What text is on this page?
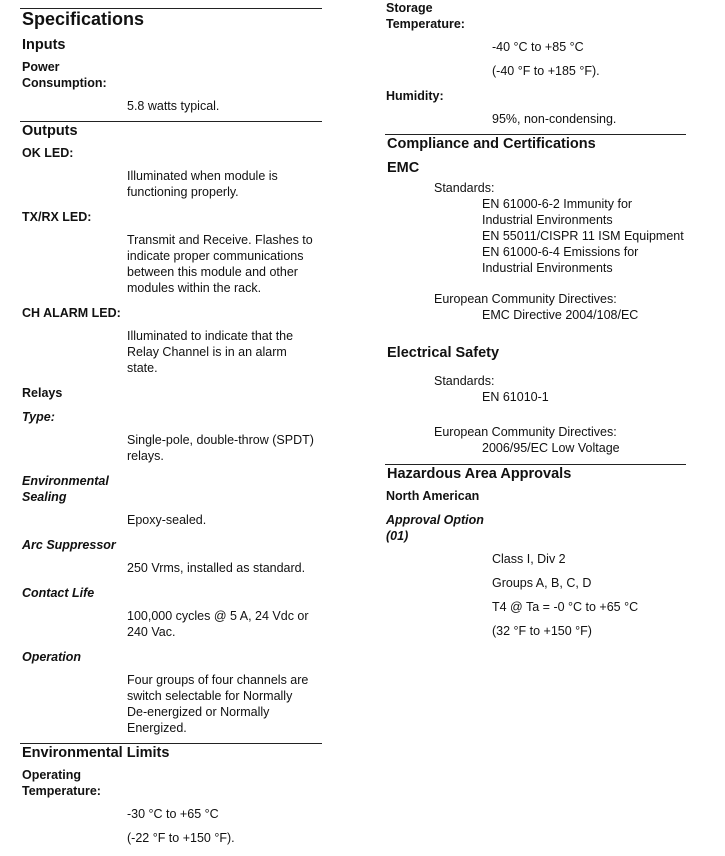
Specifications
Inputs
Power
Consumption:
5.8 watts typical.
Outputs
OK LED:
Illuminated when module is
functioning properly.
TX/RX LED:
Transmit and Receive. Flashes to
indicate proper communications
between this module and other
modules within the rack.
CH ALARM LED:
Illuminated to indicate that the
Relay Channel is in an alarm
state.
Relays
Type:
Single-pole, double-throw (SPDT)
relays.
Environmental
Sealing
Epoxy-sealed.
Arc Suppressor
250 Vrms, installed as standard.
Contact Life
100,000 cycles @ 5 A, 24 Vdc or
240 Vac.
Operation
Four groups of four channels are
switch selectable for Normally
De-energized or Normally
Energized.
Environmental Limits
Operating
Temperature:
-30 °C to +65 °C
(-22 °F to +150 °F).
Storage
Temperature:
-40 °C to +85 °C
(-40 °F to +185 °F).
Humidity:
95%, non-condensing.
Compliance and Certifications
EMC
Standards:
EN 61000-6-2 Immunity for
Industrial Environments
EN 55011/CISPR 11 ISM Equipment
EN 61000-6-4 Emissions for
Industrial Environments
European Community Directives:
EMC Directive 2004/108/EC
Electrical Safety
Standards:
EN 61010-1
European Community Directives:
2006/95/EC Low Voltage
Hazardous Area Approvals
North American
Approval Option
(01)
Class I, Div 2
Groups A, B, C, D
T4 @ Ta = -0 °C to +65 °C
(32 °F to +150 °F)
